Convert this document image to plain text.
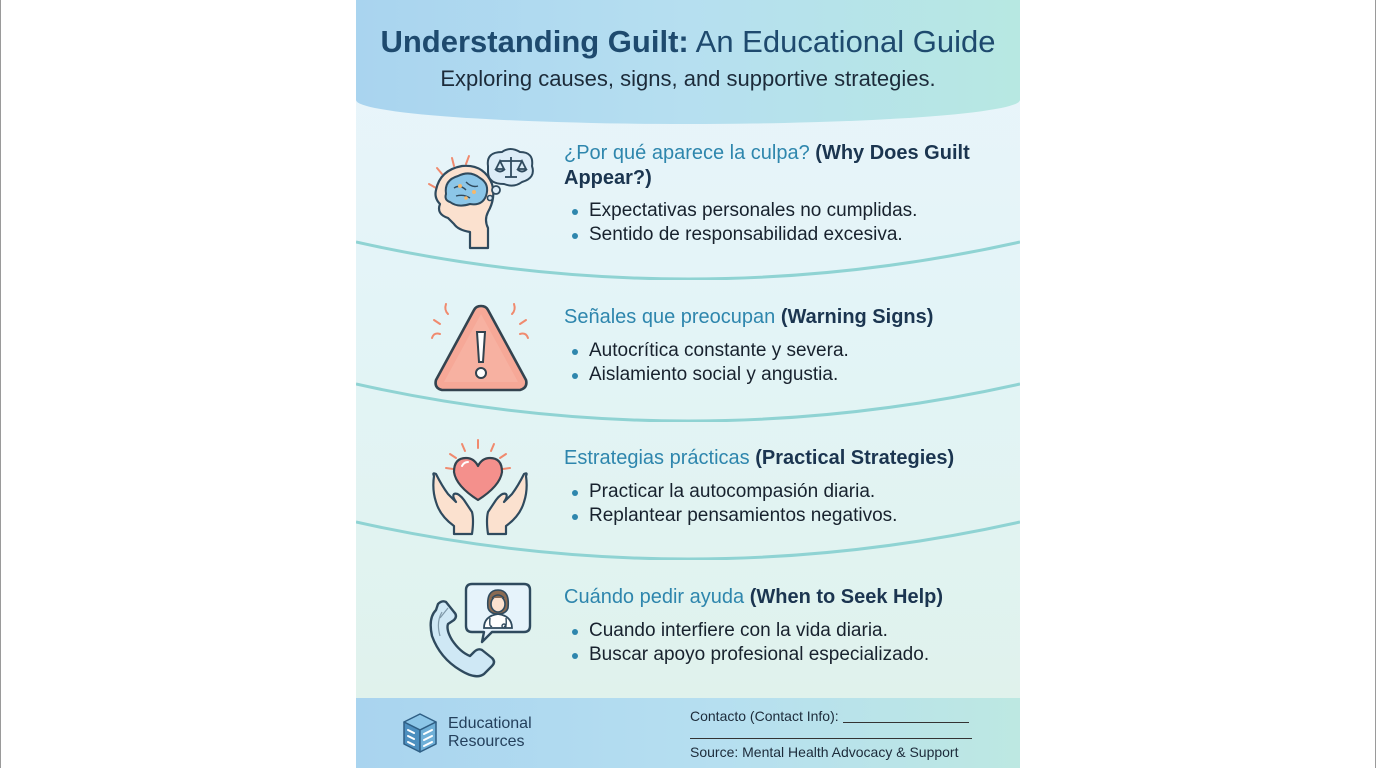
Understanding Guilt: An Educational Guide
Exploring causes, signs, and supportive strategies.
¿Por qué aparece la culpa? (Why Does Guilt Appear?)
Expectativas personales no cumplidas.
Sentido de responsabilidad excesiva.
Señales que preocupan (Warning Signs)
Autocrítica constante y severa.
Aislamiento social y angustia.
Estrategias prácticas (Practical Strategies)
Practicar la autocompasión diaria.
Replantear pensamientos negativos.
Cuándo pedir ayuda (When to Seek Help)
Cuando interfiere con la vida diaria.
Buscar apoyo profesional especializado.
Educational
Resources
Contacto (Contact Info):
Source: Mental Health Advocacy & Support
